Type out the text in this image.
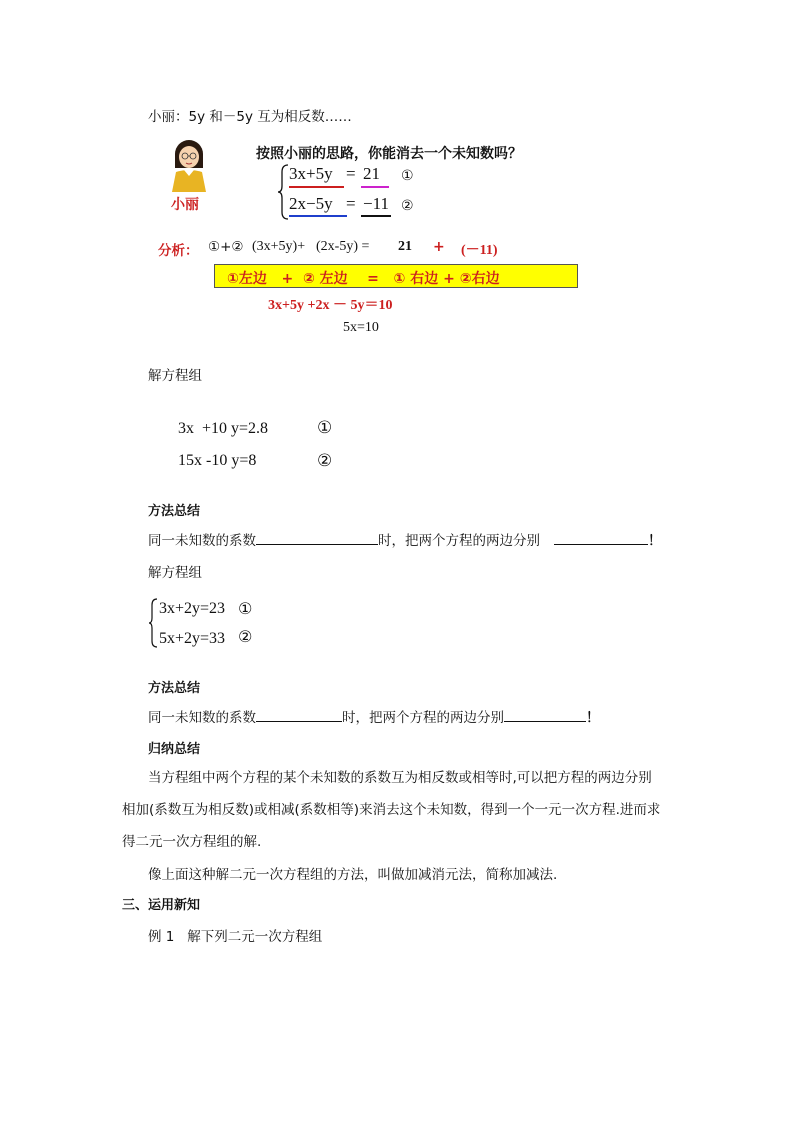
小丽：5y 和－5y 互为相反数……
小丽
按照小丽的思路，你能消去一个未知数吗？
3x+5y = 21 ①
2x−5y = −11 ②
分析： ①+② (3x+5y)+ (2x-5y) = 21 + (－11)
①左边   +  ② 左边    =   ① 右边 + ②右边
3x+5y +2x － 5y＝10
5x=10
解方程组
3x  +10 y=2.8	①
15x -10 y=8	②
方法总结
同一未知数的系数	时，把两个方程的两边分别	！
解方程组
3x+2y=23 ①
5x+2y=33 ②
方法总结
同一未知数的系数	时，把两个方程的两边分别	！
归纳总结
当方程组中两个方程的某个未知数的系数互为相反数或相等时,可以把方程的两边分别
相加(系数互为相反数)或相减(系数相等)来消去这个未知数，得到一个一元一次方程.进而求
得二元一次方程组的解.
像上面这种解二元一次方程组的方法，叫做加减消元法，简称加减法.
三、运用新知
例 1   解下列二元一次方程组
